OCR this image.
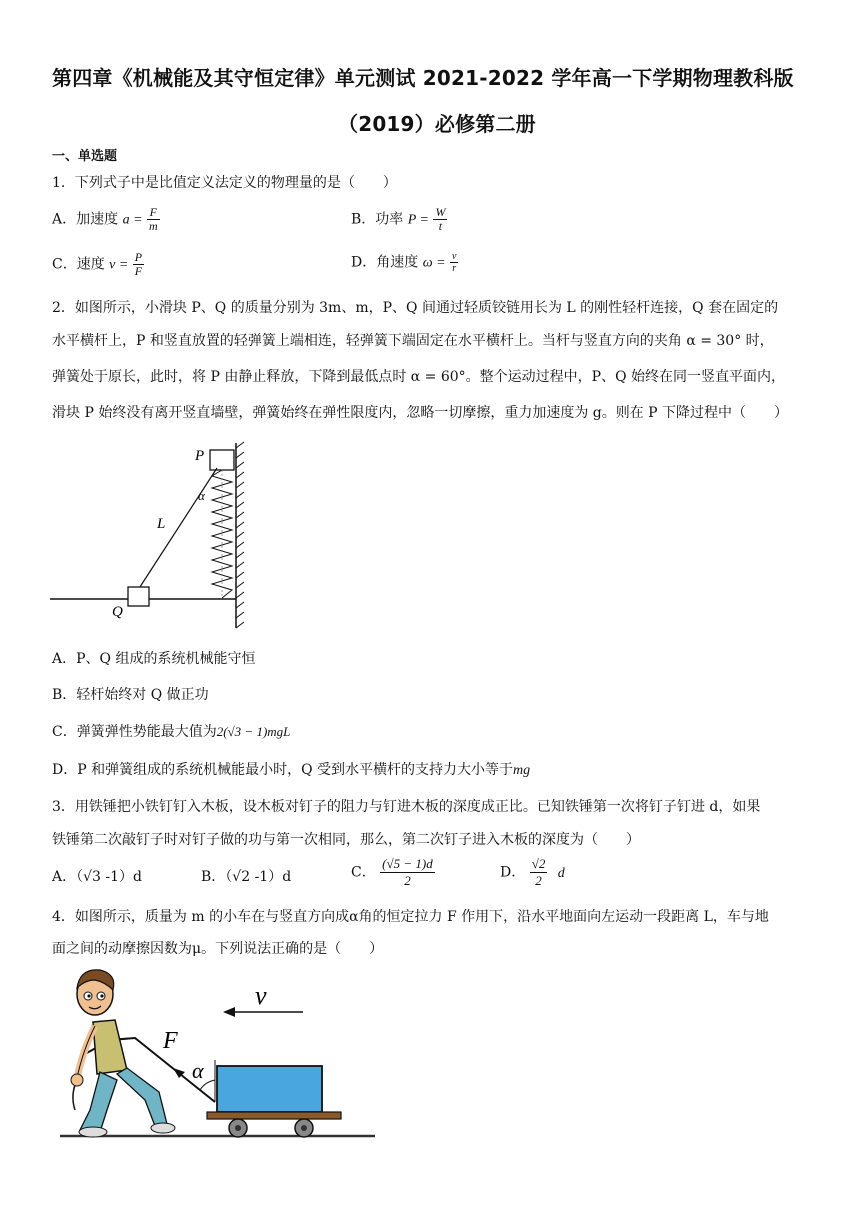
第四章《机械能及其守恒定律》单元测试 2021-2022 学年高一下学期物理教科版
（2019）必修第二册
一、单选题
1．下列式子中是比值定义法定义的物理量的是（　　）
A．加速度 $a = \frac{F}{m}$	B．功率 $P = \frac{W}{t}$
C．速度 $v = \frac{P}{F}$	D．角速度 $\omega = \frac{v}{r}$
2．如图所示，小滑块 P、Q 的质量分别为 3m、m，P、Q 间通过轻质铰链用长为 L 的刚性轻杆连接，Q 套在固定的
水平横杆上，P 和竖直放置的轻弹簧上端相连，轻弹簧下端固定在水平横杆上。当杆与竖直方向的夹角 α = 30° 时，
弹簧处于原长，此时，将 P 由静止释放，下降到最低点时 α = 60°。整个运动过程中，P、Q 始终在同一竖直平面内，
滑块 P 始终没有离开竖直墙壁，弹簧始终在弹性限度内，忽略一切摩擦，重力加速度为 g。则在 P 下降过程中（　　）
P
Q
L
α
A．P、Q 组成的系统机械能守恒
B．轻杆始终对 Q 做正功
C．弹簧弹性势能最大值为2(√3 − 1)mgL
D．P 和弹簧组成的系统机械能最小时，Q 受到水平横杆的支持力大小等于mg
3．用铁锤把小铁钉钉入木板，设木板对钉子的阻力与钉进木板的深度成正比。已知铁锤第一次将钉子钉进 d，如果
铁锤第二次敲钉子时对钉子做的功与第一次相同，那么，第二次钉子进入木板的深度为（　　）
A．（√3 -1）d	B．（√2 -1）d	C． $\frac{(√5 - 1)d}{2}$	D． $\frac{√2}{2}$ d
4．如图所示，质量为 m 的小车在与竖直方向成α角的恒定拉力 F 作用下，沿水平地面向左运动一段距离 L，车与地
面之间的动摩擦因数为μ。下列说法正确的是（　　）
v
F
α
